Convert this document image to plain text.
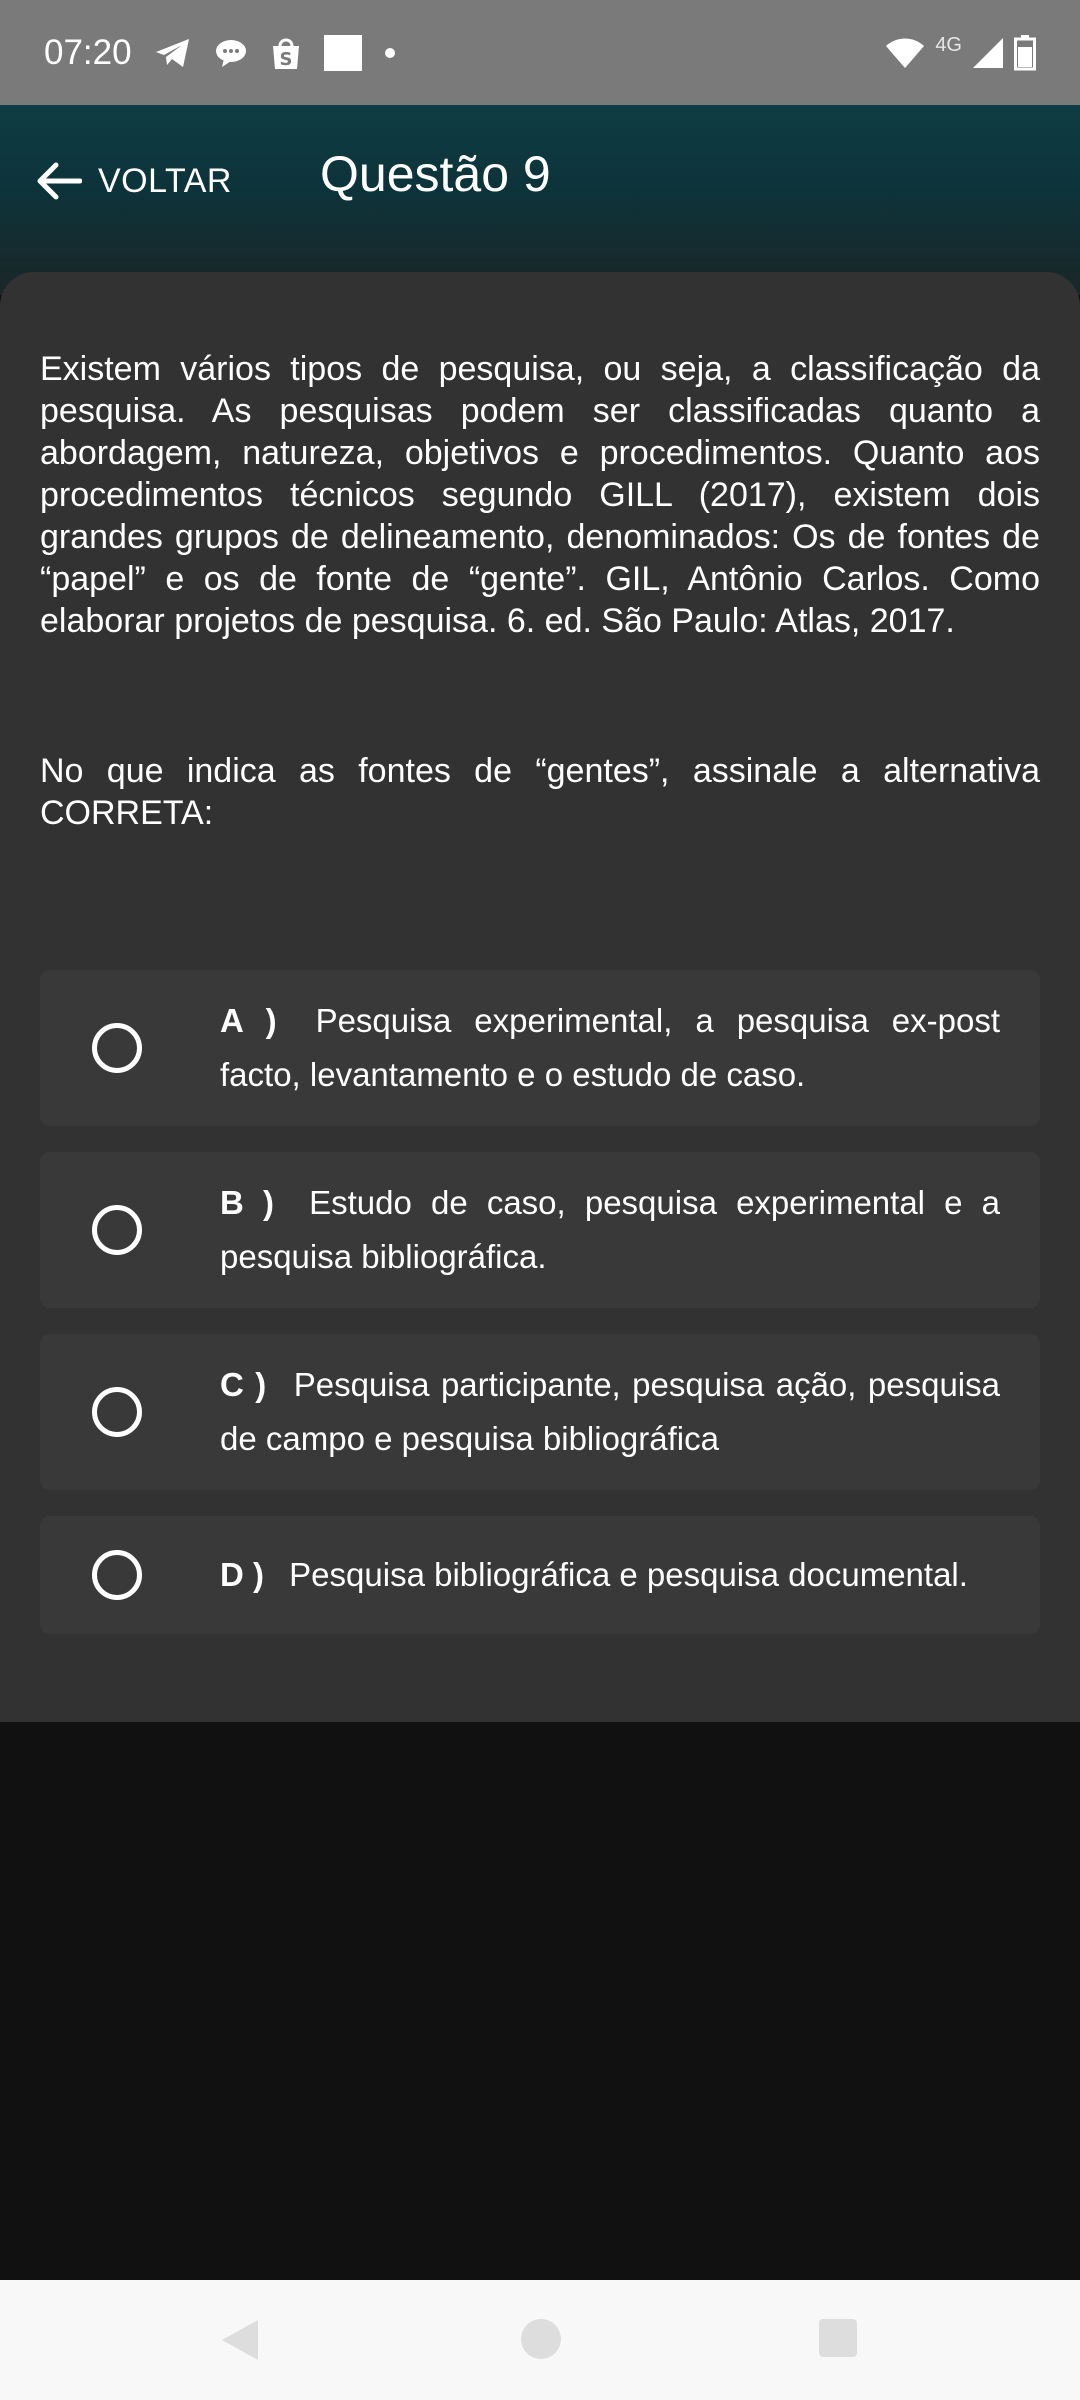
07:20	S
4G
VOLTAR Questão 9

Existem vários tipos de pesquisa, ou seja, a classificação da pesquisa. As pesquisas podem ser classificadas quanto a abordagem, natureza, objetivos e procedimentos. Quanto aos procedimentos técnicos segundo GILL (2017), existem dois grandes grupos de delineamento, denominados: Os de fontes de “papel” e os de fonte de “gente”. GIL, Antônio Carlos. Como elaborar projetos de pesquisa. 6. ed. São Paulo: Atlas, 2017.

No que indica as fontes de “gentes”, assinale a alternativa CORRETA:

A ) Pesquisa experimental, a pesquisa ex-post facto, levantamento e o estudo de caso.
B ) Estudo de caso, pesquisa experimental e a pesquisa bibliográfica.
C ) Pesquisa participante, pesquisa ação, pesquisa de campo e pesquisa bibliográfica
D ) Pesquisa bibliográfica e pesquisa documental.
